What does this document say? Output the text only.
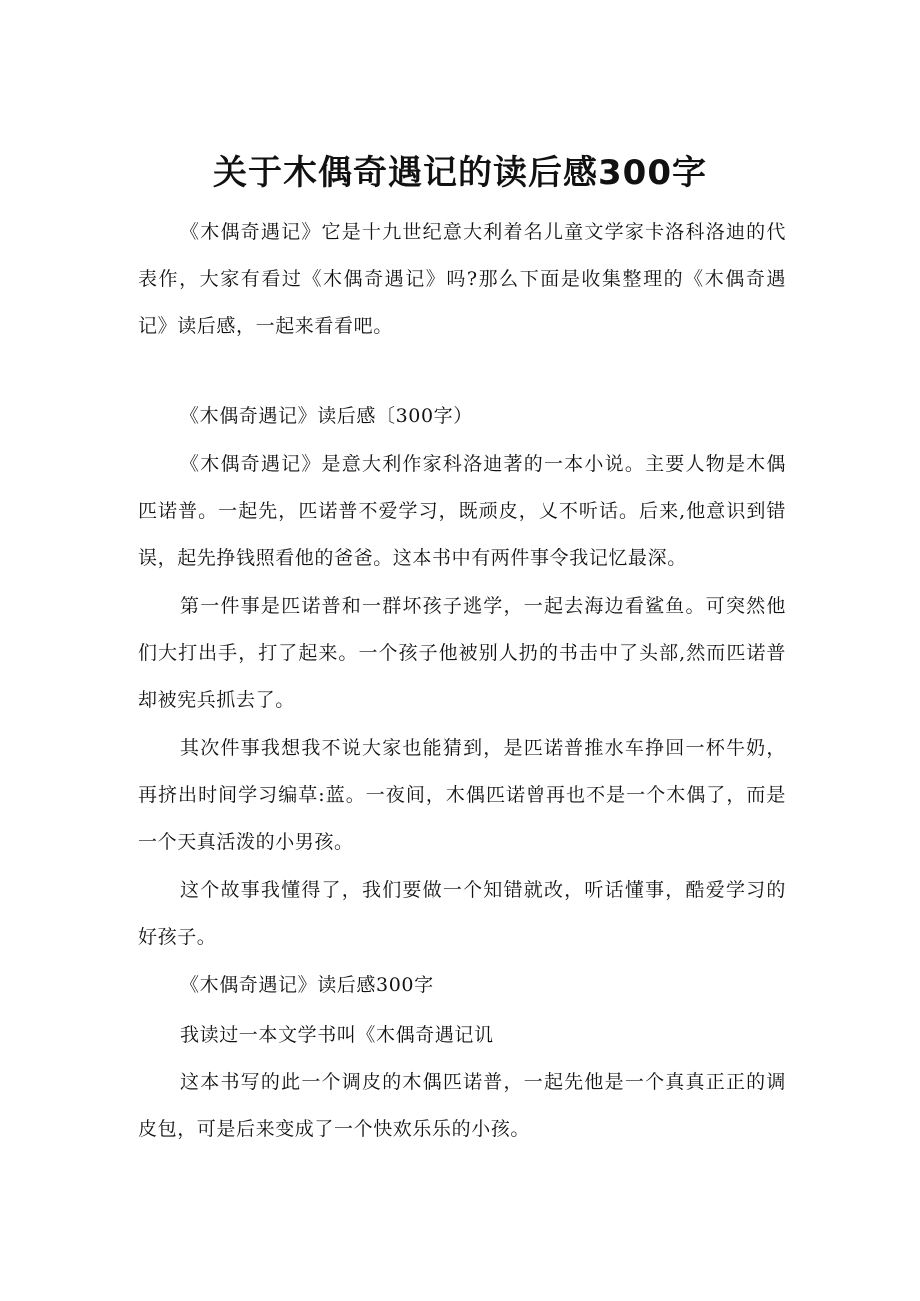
关于木偶奇遇记的读后感300字

《木偶奇遇记》它是十九世纪意大利着名儿童文学家卡洛科洛迪的代表作，大家有看过《木偶奇遇记》吗?那么下面是收集整理的《木偶奇遇记》读后感，一起来看看吧。

《木偶奇遇记》读后感〔300字）

《木偶奇遇记》是意大利作家科洛迪著的一本小说。主要人物是木偶匹诺普。一起先，匹诺普不爱学习，既顽皮，乂不听话。后来,他意识到错误，起先挣钱照看他的爸爸。这本书中有两件事令我记忆最深。

第一件事是匹诺普和一群坏孩子逃学，一起去海边看鲨鱼。可突然他们大打出手，打了起来。一个孩子他被别人扔的书击中了头部,然而匹诺普却被宪兵抓去了。

其次件事我想我不说大家也能猜到，是匹诺普推水车挣回一杯牛奶，再挤出时间学习编草:蓝。一夜间，木偶匹诺曾再也不是一个木偶了，而是一个天真活泼的小男孩。

这个故事我懂得了，我们要做一个知错就改，听话懂事，酷爱学习的好孩子。

《木偶奇遇记》读后感300字

我读过一本文学书叫《木偶奇遇记讥

这本书写的此一个调皮的木偶匹诺普，一起先他是一个真真正正的调皮包，可是后来变成了一个快欢乐乐的小孩。
